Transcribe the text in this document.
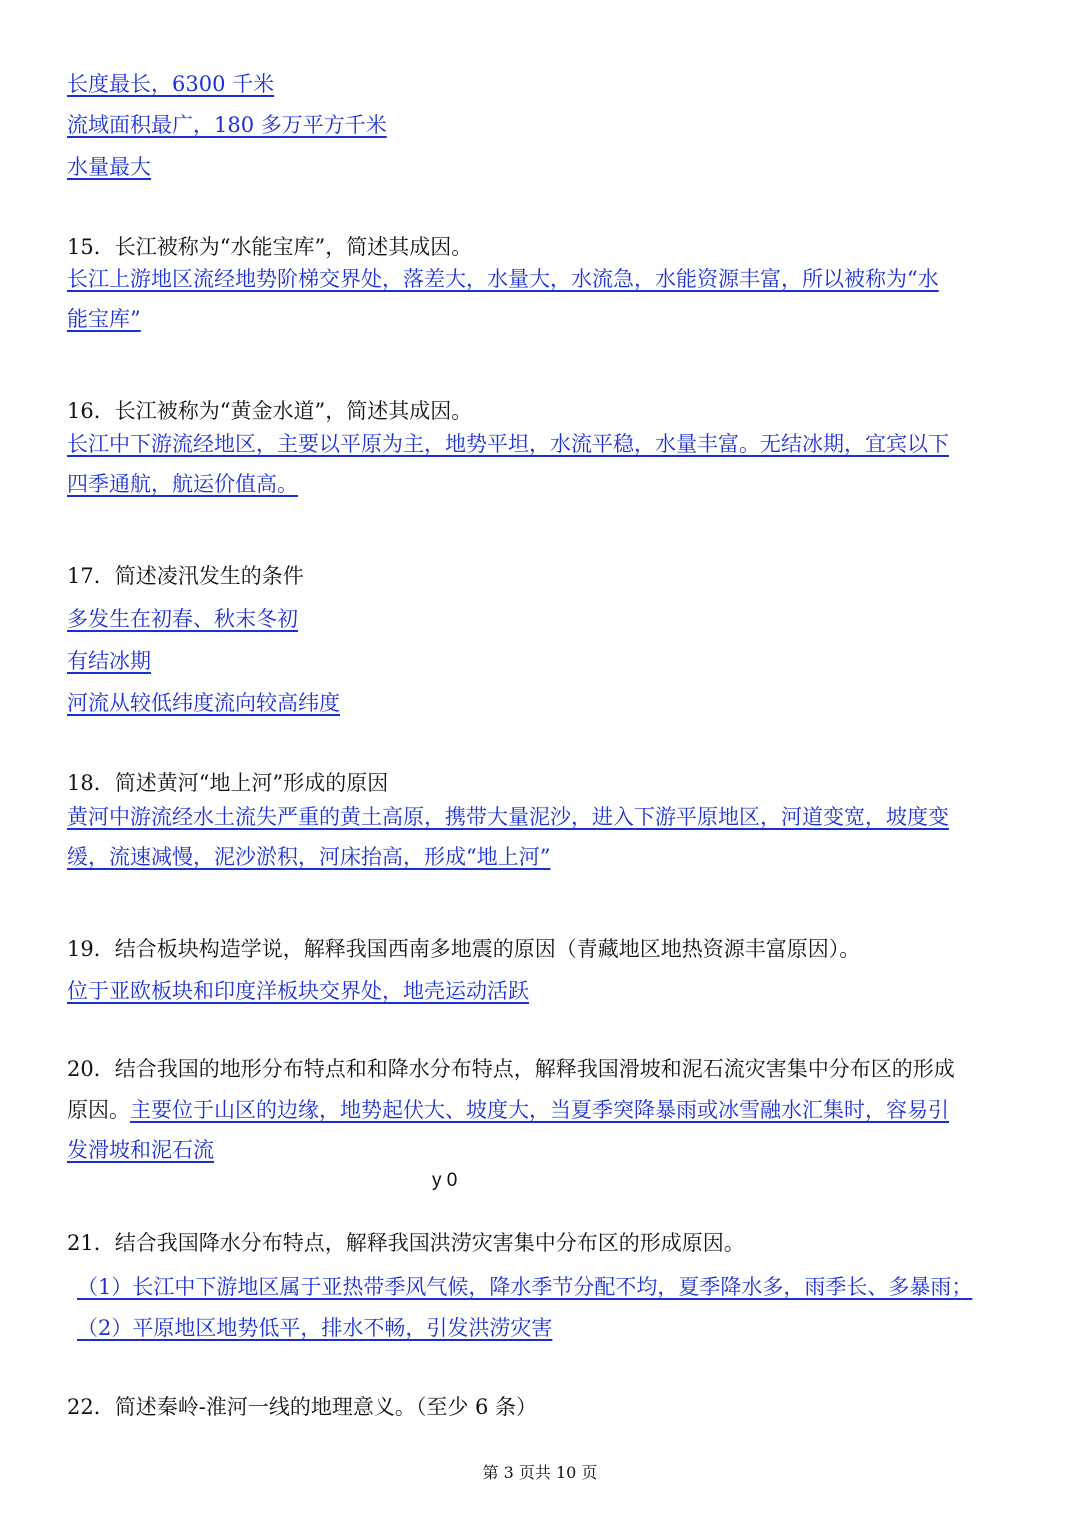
长度最长，6300 千米
流域面积最广，180 多万平方千米
水量最大
15．长江被称为“水能宝库”，简述其成因。
长江上游地区流经地势阶梯交界处，落差大，水量大，水流急，水能资源丰富，所以被称为“水
能宝库”
16．长江被称为“黄金水道”，简述其成因。
长江中下游流经地区，主要以平原为主，地势平坦，水流平稳，水量丰富。无结冰期，宜宾以下
四季通航，航运价值高。
17．简述凌汛发生的条件
多发生在初春、秋末冬初
有结冰期
河流从较低纬度流向较高纬度
18．简述黄河“地上河”形成的原因
黄河中游流经水土流失严重的黄土高原，携带大量泥沙，进入下游平原地区，河道变宽，坡度变
缓，流速减慢，泥沙淤积，河床抬高，形成“地上河”
19．结合板块构造学说，解释我国西南多地震的原因（青藏地区地热资源丰富原因）。
位于亚欧板块和印度洋板块交界处，地壳运动活跃
20．结合我国的地形分布特点和和降水分布特点，解释我国滑坡和泥石流灾害集中分布区的形成
原因。主要位于山区的边缘，地势起伏大、坡度大，当夏季突降暴雨或冰雪融水汇集时，容易引
发滑坡和泥石流
y 0
21．结合我国降水分布特点，解释我国洪涝灾害集中分布区的形成原因。
（1）长江中下游地区属于亚热带季风气候，降水季节分配不均，夏季降水多，雨季长、多暴雨；
（2）平原地区地势低平，排水不畅，引发洪涝灾害
22．简述秦岭-淮河一线的地理意义。（至少 6 条）
第 3 页共 10 页
